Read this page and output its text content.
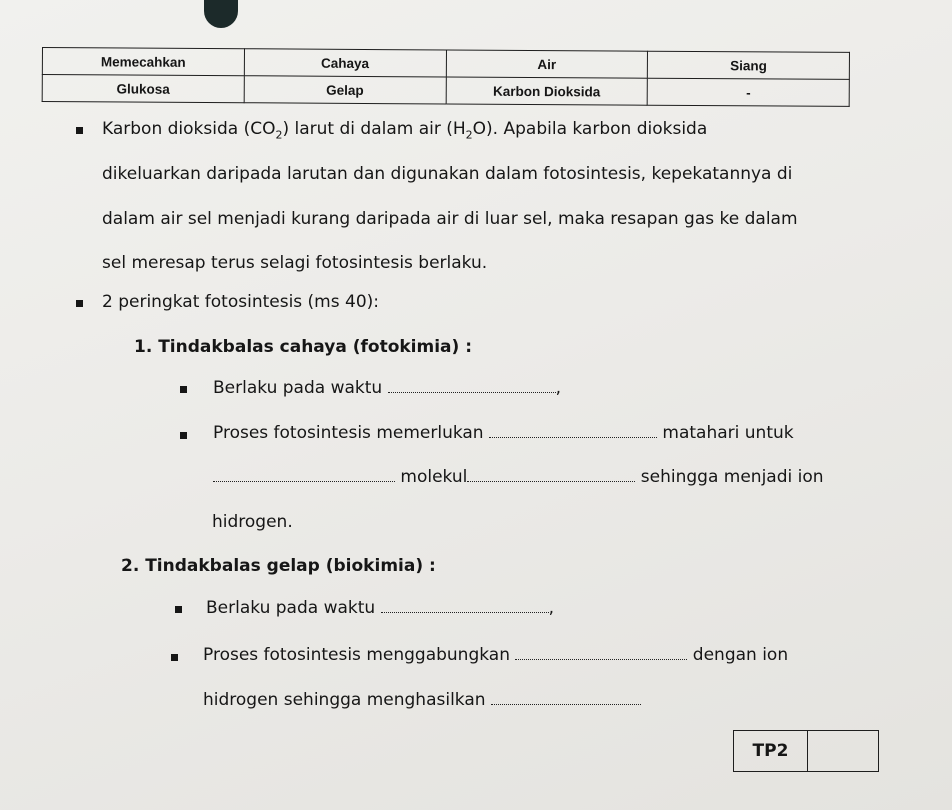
Memecahkan	Cahaya	Air	Siang
Glukosa	Gelap	Karbon Dioksida	-
Karbon dioksida $(CO_2)$ larut di dalam air $(H_2O)$. Apabila karbon dioksida
dikeluarkan daripada larutan dan digunakan dalam fotosintesis, kepekatannya di
dalam air sel menjadi kurang daripada air di luar sel, maka resapan gas ke dalam
sel meresap terus selagi fotosintesis berlaku.
2 peringkat fotosintesis (ms 40):
1. Tindakbalas cahaya (fotokimia) :
Berlaku pada waktu	,
Proses fotosintesis memerlukan	matahari untuk
molekul	sehingga menjadi ion
hidrogen.
2. Tindakbalas gelap (biokimia) :
Berlaku pada waktu	,
Proses fotosintesis menggabungkan	dengan ion
hidrogen sehingga menghasilkan
TP2
